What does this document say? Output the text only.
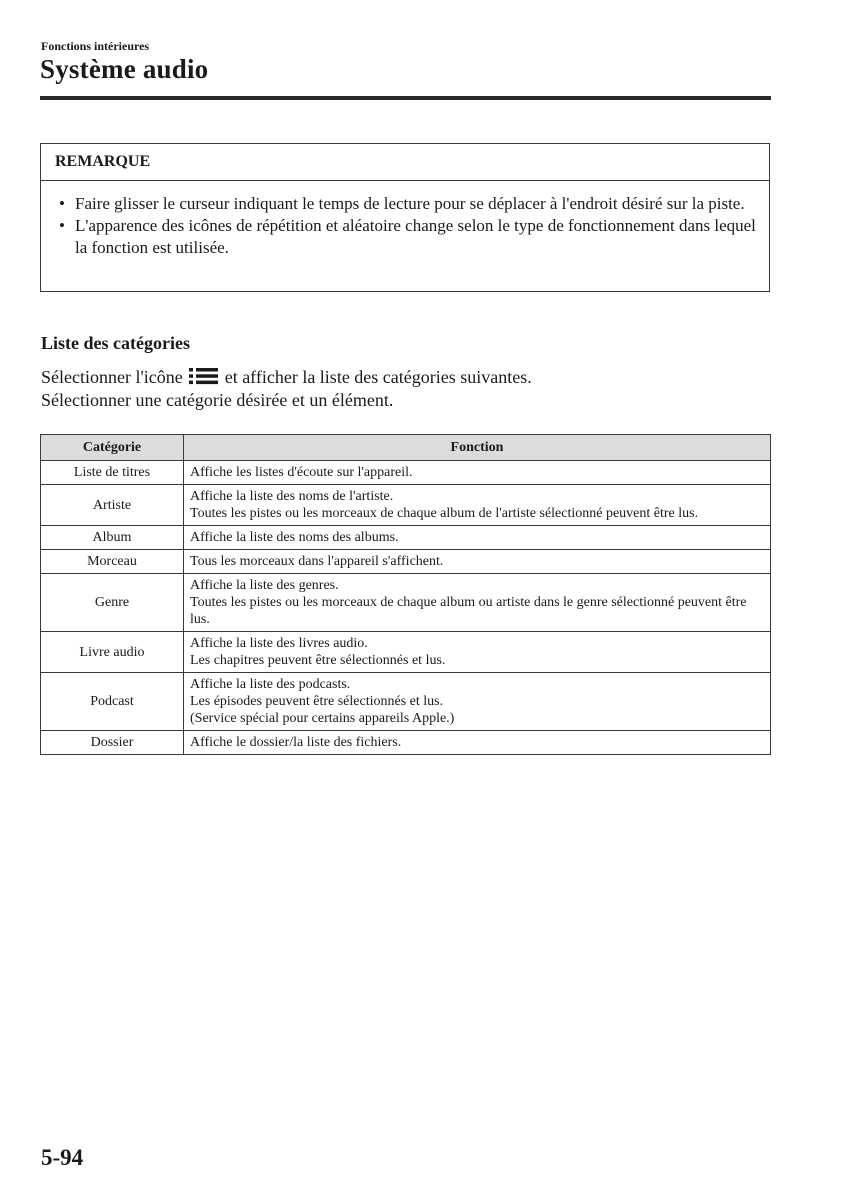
Fonctions intérieures
Système audio
REMARQUE
• Faire glisser le curseur indiquant le temps de lecture pour se déplacer à l'endroit désiré sur la piste.
• L'apparence des icônes de répétition et aléatoire change selon le type de fonctionnement dans lequel la fonction est utilisée.
Liste des catégories
Sélectionner l'icône et afficher la liste des catégories suivantes.
Sélectionner une catégorie désirée et un élément.
Catégorie	Fonction
Liste de titres	Affiche les listes d'écoute sur l'appareil.

Artiste	Affiche la liste des noms de l'artiste.
Toutes les pistes ou les morceaux de chaque album de l'artiste sélectionné peuvent être lus.

Album	Affiche la liste des noms des albums.

Morceau	Tous les morceaux dans l'appareil s'affichent.

Genre	Affiche la liste des genres.
Toutes les pistes ou les morceaux de chaque album ou artiste dans le genre sélectionné peuvent être lus.

Livre audio	Affiche la liste des livres audio.
Les chapitres peuvent être sélectionnés et lus.

Podcast	Affiche la liste des podcasts.
Les épisodes peuvent être sélectionnés et lus.
(Service spécial pour certains appareils Apple.)

Dossier	Affiche le dossier/la liste des fichiers.
5-94
